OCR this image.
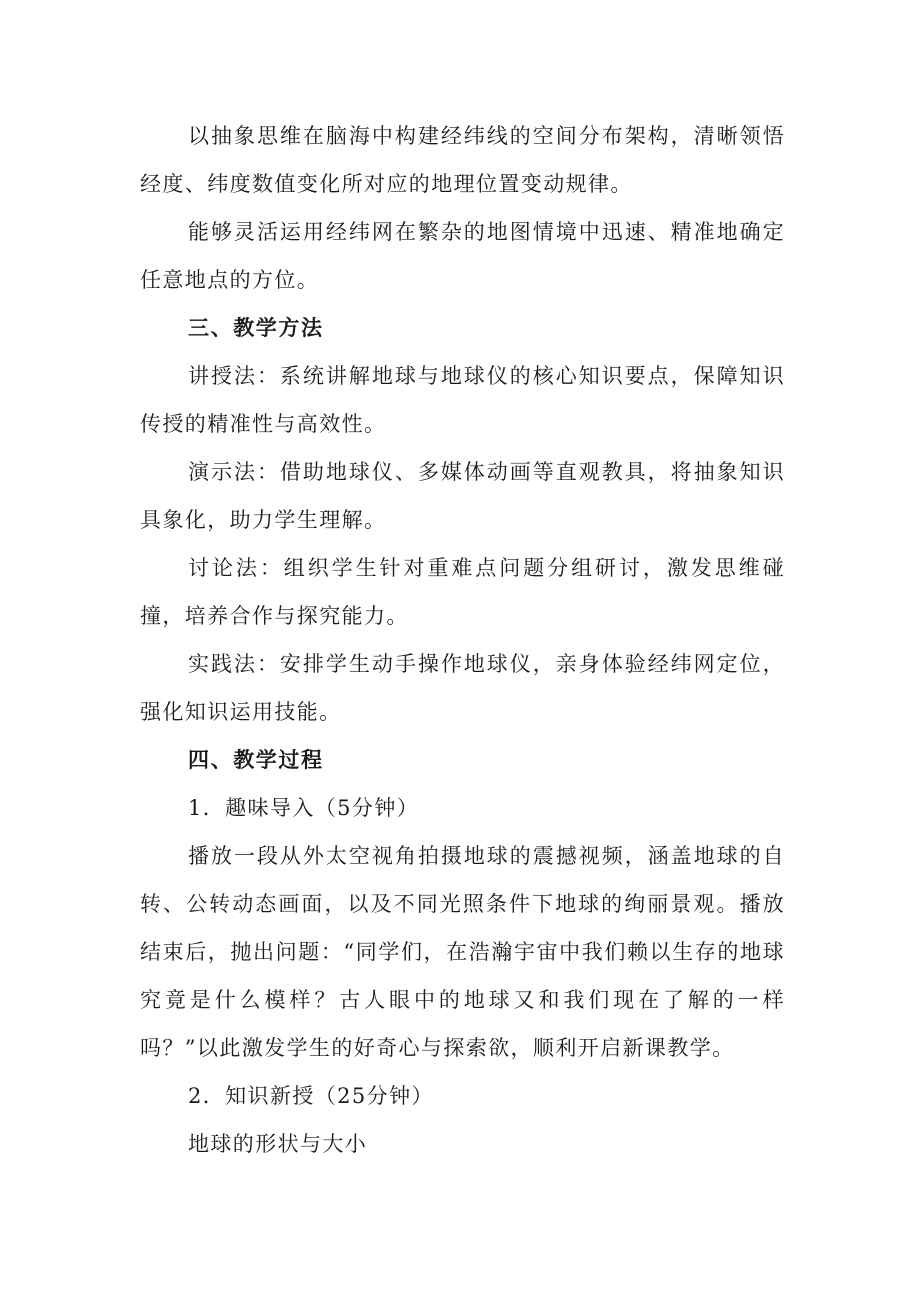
以抽象思维在脑海中构建经纬线的空间分布架构，清晰领悟经度、纬度数值变化所对应的地理位置变动规律。

能够灵活运用经纬网在繁杂的地图情境中迅速、精准地确定任意地点的方位。

三、教学方法

讲授法：系统讲解地球与地球仪的核心知识要点，保障知识传授的精准性与高效性。

演示法：借助地球仪、多媒体动画等直观教具，将抽象知识具象化，助力学生理解。

讨论法：组织学生针对重难点问题分组研讨，激发思维碰撞，培养合作与探究能力。

实践法：安排学生动手操作地球仪，亲身体验经纬网定位，强化知识运用技能。

四、教学过程

1．趣味导入（5分钟）

播放一段从外太空视角拍摄地球的震撼视频，涵盖地球的自转、公转动态画面，以及不同光照条件下地球的绚丽景观。播放结束后，抛出问题：“同学们，在浩瀚宇宙中我们赖以生存的地球究竟是什么模样？古人眼中的地球又和我们现在了解的一样吗？”以此激发学生的好奇心与探索欲，顺利开启新课教学。

2．知识新授（25分钟）

地球的形状与大小
